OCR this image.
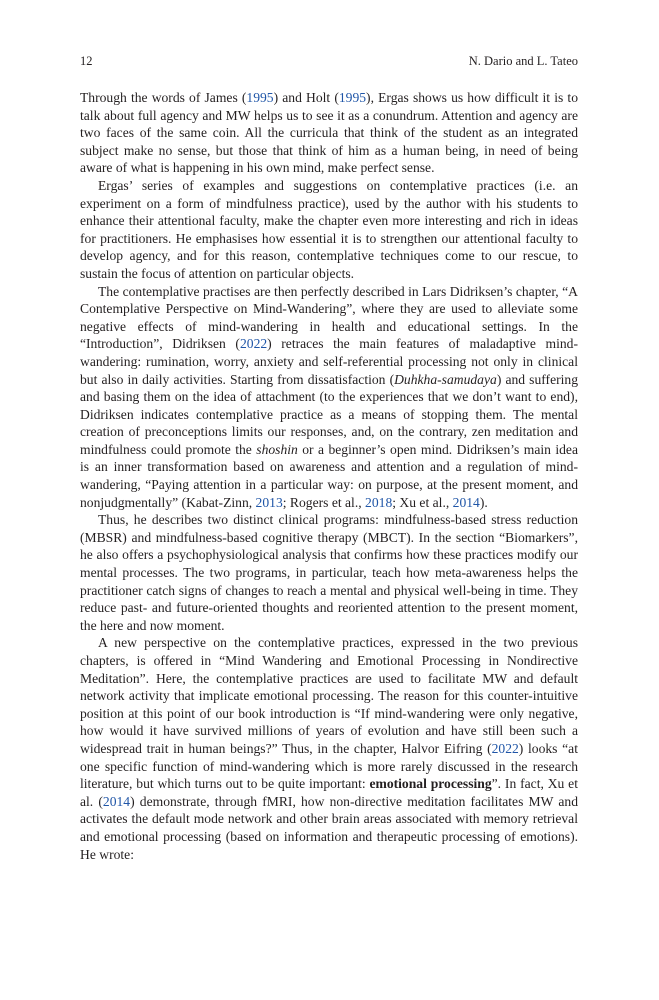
12	N. Dario and L. Tateo

Through the words of James (1995) and Holt (1995), Ergas shows us how difficult it is to talk about full agency and MW helps us to see it as a conundrum. Attention and agency are two faces of the same coin. All the curricula that think of the student as an integrated subject make no sense, but those that think of him as a human being, in need of being aware of what is happening in his own mind, make perfect sense.

Ergas’ series of examples and suggestions on contemplative practices (i.e. an experiment on a form of mindfulness practice), used by the author with his students to enhance their attentional faculty, make the chapter even more interesting and rich in ideas for practitioners. He emphasises how essential it is to strengthen our attentional faculty to develop agency, and for this reason, contemplative techniques come to our rescue, to sustain the focus of attention on particular objects.

The contemplative practises are then perfectly described in Lars Didriksen’s chapter, “A Contemplative Perspective on Mind-Wandering”, where they are used to alleviate some negative effects of mind-wandering in health and educational settings. In the “Introduction”, Didriksen (2022) retraces the main features of maladaptive mind-wandering: rumination, worry, anxiety and self-referential processing not only in clinical but also in daily activities. Starting from dissatisfaction (Duhkha-samudaya) and suffering and basing them on the idea of attachment (to the experiences that we don’t want to end), Didriksen indicates contemplative practice as a means of stopping them. The mental creation of preconceptions limits our responses, and, on the contrary, zen meditation and mindfulness could promote the shoshin or a beginner’s open mind. Didriksen’s main idea is an inner transformation based on awareness and attention and a regulation of mind-wandering, “Paying attention in a particular way: on purpose, at the present moment, and nonjudgmentally” (Kabat-Zinn, 2013; Rogers et al., 2018; Xu et al., 2014).

Thus, he describes two distinct clinical programs: mindfulness-based stress reduction (MBSR) and mindfulness-based cognitive therapy (MBCT). In the section “Biomarkers”, he also offers a psychophysiological analysis that confirms how these practices modify our mental processes. The two programs, in particular, teach how meta-awareness helps the practitioner catch signs of changes to reach a mental and physical well-being in time. They reduce past- and future-oriented thoughts and reoriented attention to the present moment, the here and now moment.

A new perspective on the contemplative practices, expressed in the two previous chapters, is offered in “Mind Wandering and Emotional Processing in Nondirective Meditation”. Here, the contemplative practices are used to facilitate MW and default network activity that implicate emotional processing. The reason for this counter-intuitive position at this point of our book introduction is “If mind-wandering were only negative, how would it have survived millions of years of evolution and have still been such a widespread trait in human beings?” Thus, in the chapter, Halvor Eifring (2022) looks “at one specific function of mind-wandering which is more rarely discussed in the research literature, but which turns out to be quite important: emotional processing”. In fact, Xu et al. (2014) demonstrate, through fMRI, how non-directive meditation facilitates MW and activates the default mode network and other brain areas associated with memory retrieval and emotional processing (based on information and therapeutic processing of emotions). He wrote:
